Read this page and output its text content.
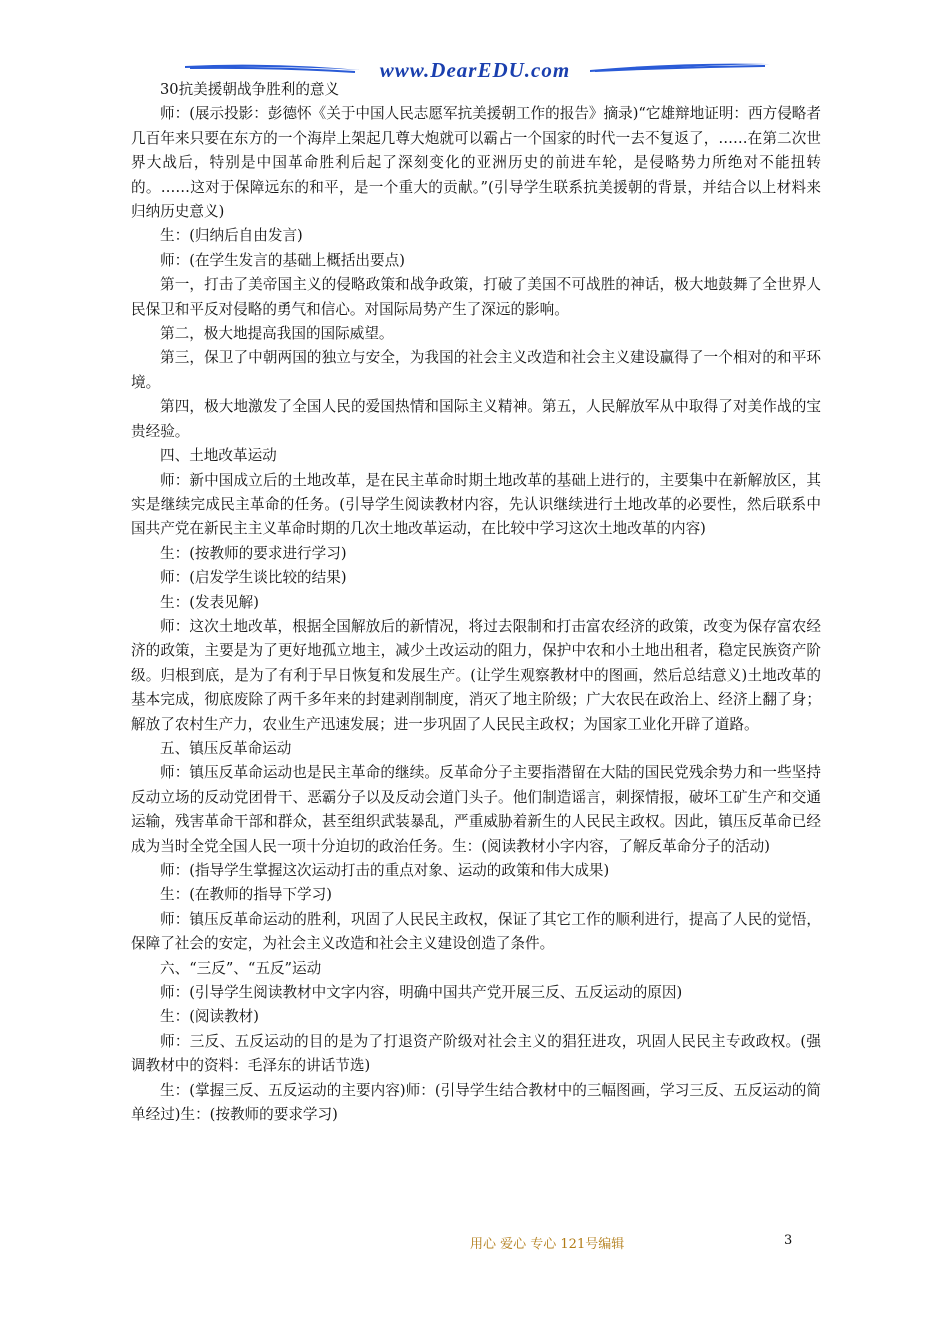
www.DearEDU.com

30抗美援朝战争胜利的意义

师：(展示投影：彭德怀《关于中国人民志愿军抗美援朝工作的报告》摘录)“它雄辩地证明：西方侵略者几百年来只要在东方的一个海岸上架起几尊大炮就可以霸占一个国家的时代一去不复返了，……在第二次世界大战后，特别是中国革命胜利后起了深刻变化的亚洲历史的前进车轮，是侵略势力所绝对不能扭转的。……这对于保障远东的和平，是一个重大的贡献。”(引导学生联系抗美援朝的背景，并结合以上材料来归纳历史意义)

生：(归纳后自由发言)

师：(在学生发言的基础上概括出要点)

第一，打击了美帝国主义的侵略政策和战争政策，打破了美国不可战胜的神话，极大地鼓舞了全世界人民保卫和平反对侵略的勇气和信心。对国际局势产生了深远的影响。

第二，极大地提高我国的国际威望。

第三，保卫了中朝两国的独立与安全，为我国的社会主义改造和社会主义建设赢得了一个相对的和平环境。

第四，极大地激发了全国人民的爱国热情和国际主义精神。第五，人民解放军从中取得了对美作战的宝贵经验。

四、土地改革运动

师：新中国成立后的土地改革，是在民主革命时期土地改革的基础上进行的，主要集中在新解放区，其实是继续完成民主革命的任务。(引导学生阅读教材内容，先认识继续进行土地改革的必要性，然后联系中国共产党在新民主主义革命时期的几次土地改革运动，在比较中学习这次土地改革的内容)

生：(按教师的要求进行学习)

师：(启发学生谈比较的结果)

生：(发表见解)

师：这次土地改革，根据全国解放后的新情况，将过去限制和打击富农经济的政策，改变为保存富农经济的政策，主要是为了更好地孤立地主，减少土改运动的阻力，保护中农和小土地出租者，稳定民族资产阶级。归根到底，是为了有利于早日恢复和发展生产。(让学生观察教材中的图画，然后总结意义)土地改革的基本完成，彻底废除了两千多年来的封建剥削制度，消灭了地主阶级；广大农民在政治上、经济上翻了身；解放了农村生产力，农业生产迅速发展；进一步巩固了人民民主政权；为国家工业化开辟了道路。

五、镇压反革命运动

师：镇压反革命运动也是民主革命的继续。反革命分子主要指潜留在大陆的国民党残余势力和一些坚持反动立场的反动党团骨干、恶霸分子以及反动会道门头子。他们制造谣言，刺探情报，破坏工矿生产和交通运输，残害革命干部和群众，甚至组织武装暴乱，严重威胁着新生的人民民主政权。因此，镇压反革命已经成为当时全党全国人民一项十分迫切的政治任务。生：(阅读教材小字内容，了解反革命分子的活动)

师：(指导学生掌握这次运动打击的重点对象、运动的政策和伟大成果)

生：(在教师的指导下学习)

师：镇压反革命运动的胜利，巩固了人民民主政权，保证了其它工作的顺利进行，提高了人民的觉悟，保障了社会的安定，为社会主义改造和社会主义建设创造了条件。

六、“三反”、“五反”运动

师：(引导学生阅读教材中文字内容，明确中国共产党开展三反、五反运动的原因)

生：(阅读教材)

师：三反、五反运动的目的是为了打退资产阶级对社会主义的猖狂进攻，巩固人民民主专政政权。(强调教材中的资料：毛泽东的讲话节选)

生：(掌握三反、五反运动的主要内容)师：(引导学生结合教材中的三幅图画，学习三反、五反运动的简单经过)生：(按教师的要求学习)

用心 爱心 专心 121号编辑	3
